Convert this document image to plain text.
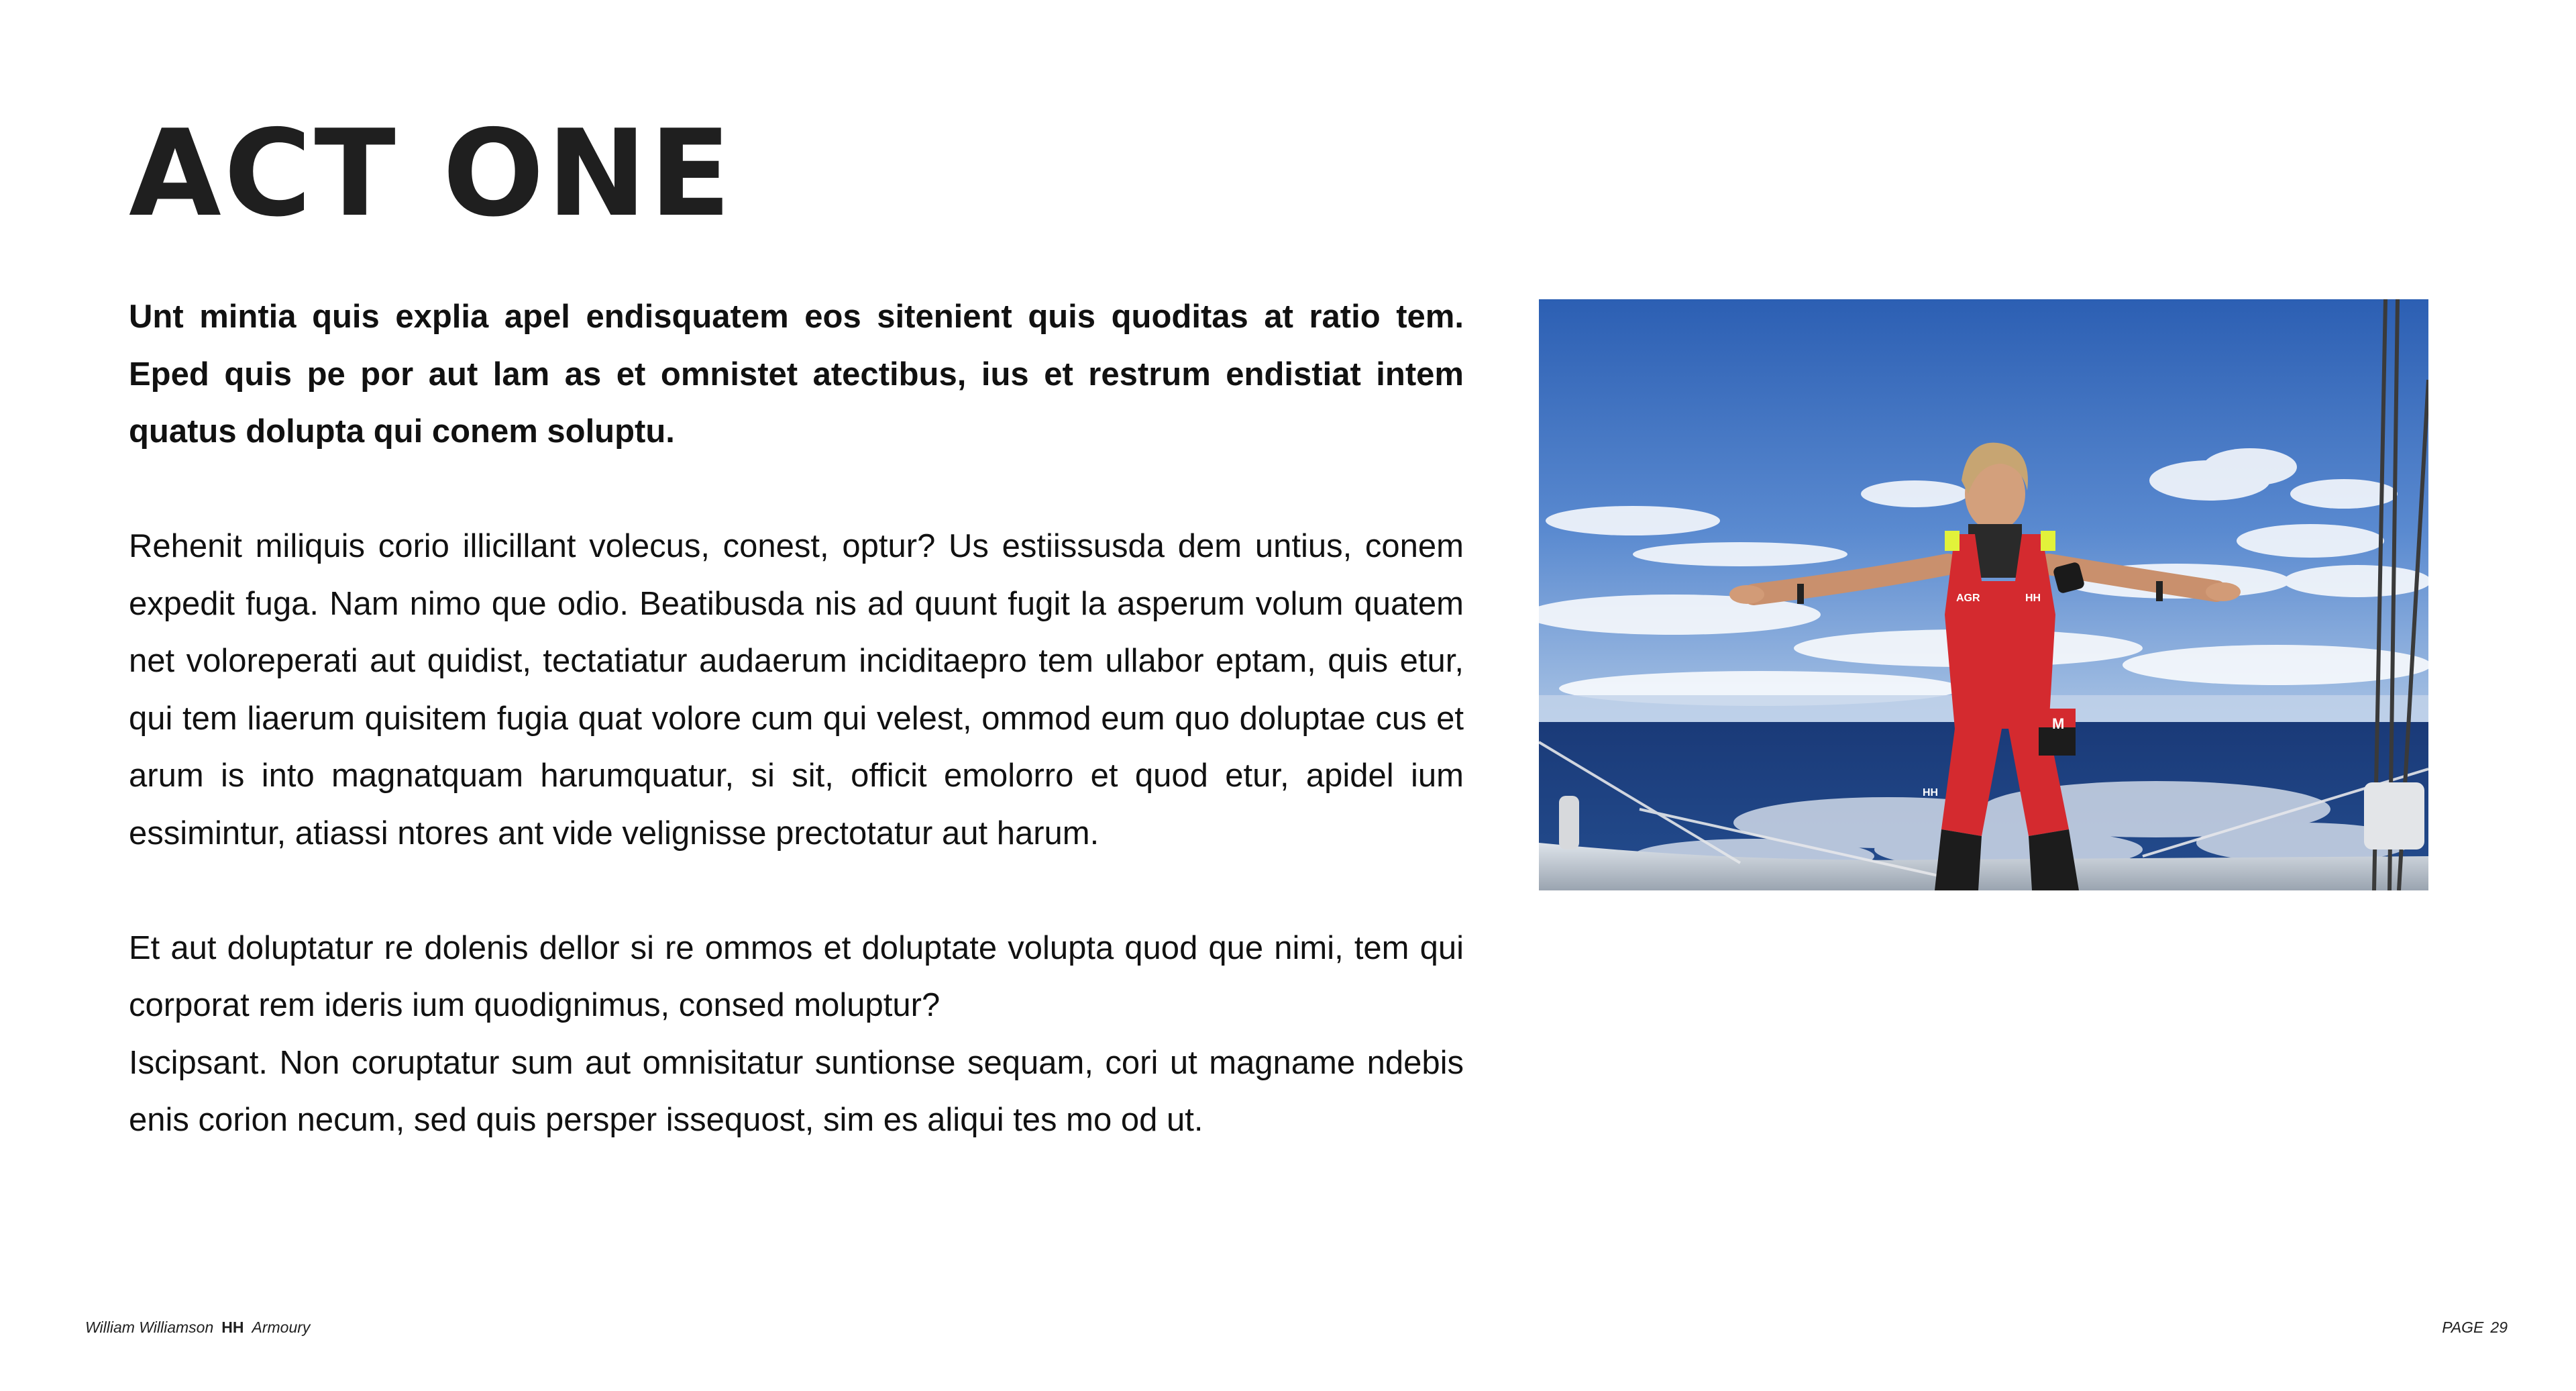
ACT ONE

Unt mintia quis explia apel endisquatem eos sitenient quis quoditas at ratio tem. Eped quis pe por aut lam as et omnistet atectibus, ius et restrum endistiat intem quatus dolupta qui conem soluptu.

Rehenit miliquis corio illicillant volecus, conest, optur? Us estiissusda dem untius, conem expedit fuga. Nam nimo que odio. Beatibusda nis ad quunt fugit la asperum volum quatem net voloreperati aut quidist, tectatiatur audaerum inciditaepro tem ullabor eptam, quis etur, qui tem liaerum quisitem fugia quat volore cum qui velest, ommod eum quo doluptae cus et arum is into magnatquam harumquatur, si sit, officit emolorro et quod etur, apidel ium essimintur, atiassi ntores ant vide velignisse prectotatur aut harum.

Et aut doluptatur re dolenis dellor si re ommos et doluptate volupta quod que nimi, tem qui corporat rem ideris ium quodignimus, consed moluptur?

Iscipsant. Non coruptatur sum aut omnisitatur suntionse sequam, cori ut magname ndebis enis corion necum, sed quis persper issequost, sim es aliqui tes mo od ut.

AGR	HH
M
HH
William Williamson HH Armoury	PAGE 29
